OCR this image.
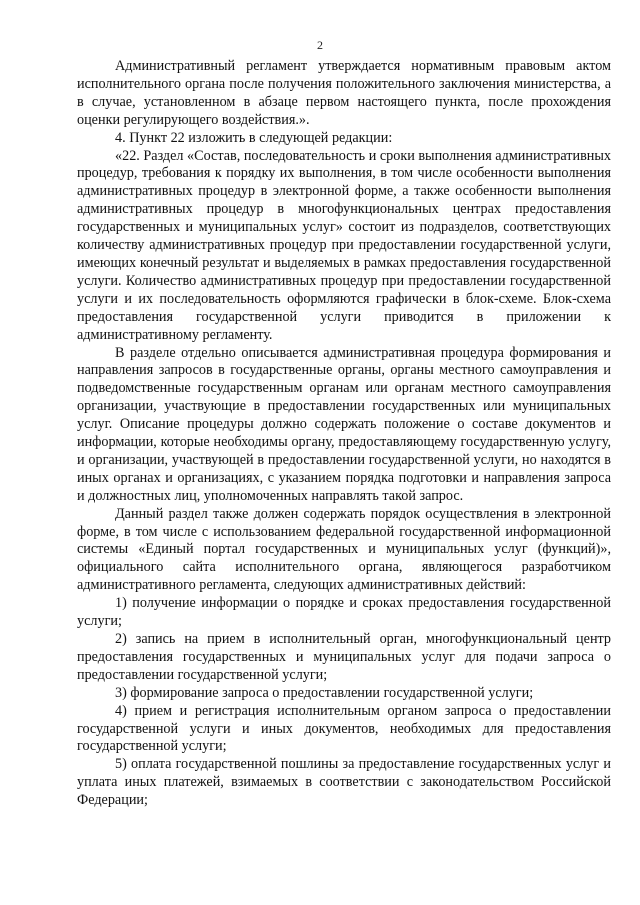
2

Административный регламент утверждается нормативным правовым актом исполнительного органа после получения положительного заключения министерства, а в случае, установленном в абзаце первом настоящего пункта, после прохождения оценки регулирующего воздействия.».

4. Пункт 22 изложить в следующей редакции:

«22. Раздел «Состав, последовательность и сроки выполнения административных процедур, требования к порядку их выполнения, в том числе особенности выполнения административных процедур в электронной форме, а также особенности выполнения административных процедур в многофункциональных центрах предоставления государственных и муниципальных услуг» состоит из подразделов, соответствующих количеству административных процедур при предоставлении государственной услуги, имеющих конечный результат и выделяемых в рамках предоставления государственной услуги. Количество административных процедур при предоставлении государственной услуги и их последовательность оформляются графически в блок-схеме. Блок-схема предоставления государственной услуги приводится в приложении к административному регламенту.

В разделе отдельно описывается административная процедура формирования и направления запросов в государственные органы, органы местного самоуправления и подведомственные государственным органам или органам местного самоуправления организации, участвующие в предоставлении государственных или муниципальных услуг. Описание процедуры должно содержать положение о составе документов и информации, которые необходимы органу, предоставляющему государственную услугу, и организации, участвующей в предоставлении государственной услуги, но находятся в иных органах и организациях, с указанием порядка подготовки и направления запроса и должностных лиц, уполномоченных направлять такой запрос.

Данный раздел также должен содержать порядок осуществления в электронной форме, в том числе с использованием федеральной государственной информационной системы «Единый портал государственных и муниципальных услуг (функций)», официального сайта исполнительного органа, являющегося разработчиком административного регламента, следующих административных действий:

1) получение информации о порядке и сроках предоставления государственной услуги;

2) запись на прием в исполнительный орган, многофункциональный центр предоставления государственных и муниципальных услуг для подачи запроса о предоставлении государственной услуги;

3) формирование запроса о предоставлении государственной услуги;

4) прием и регистрация исполнительным органом запроса о предоставлении государственной услуги и иных документов, необходимых для предоставления государственной услуги;

5) оплата государственной пошлины за предоставление государственных услуг и уплата иных платежей, взимаемых в соответствии с законодательством Российской Федерации;
